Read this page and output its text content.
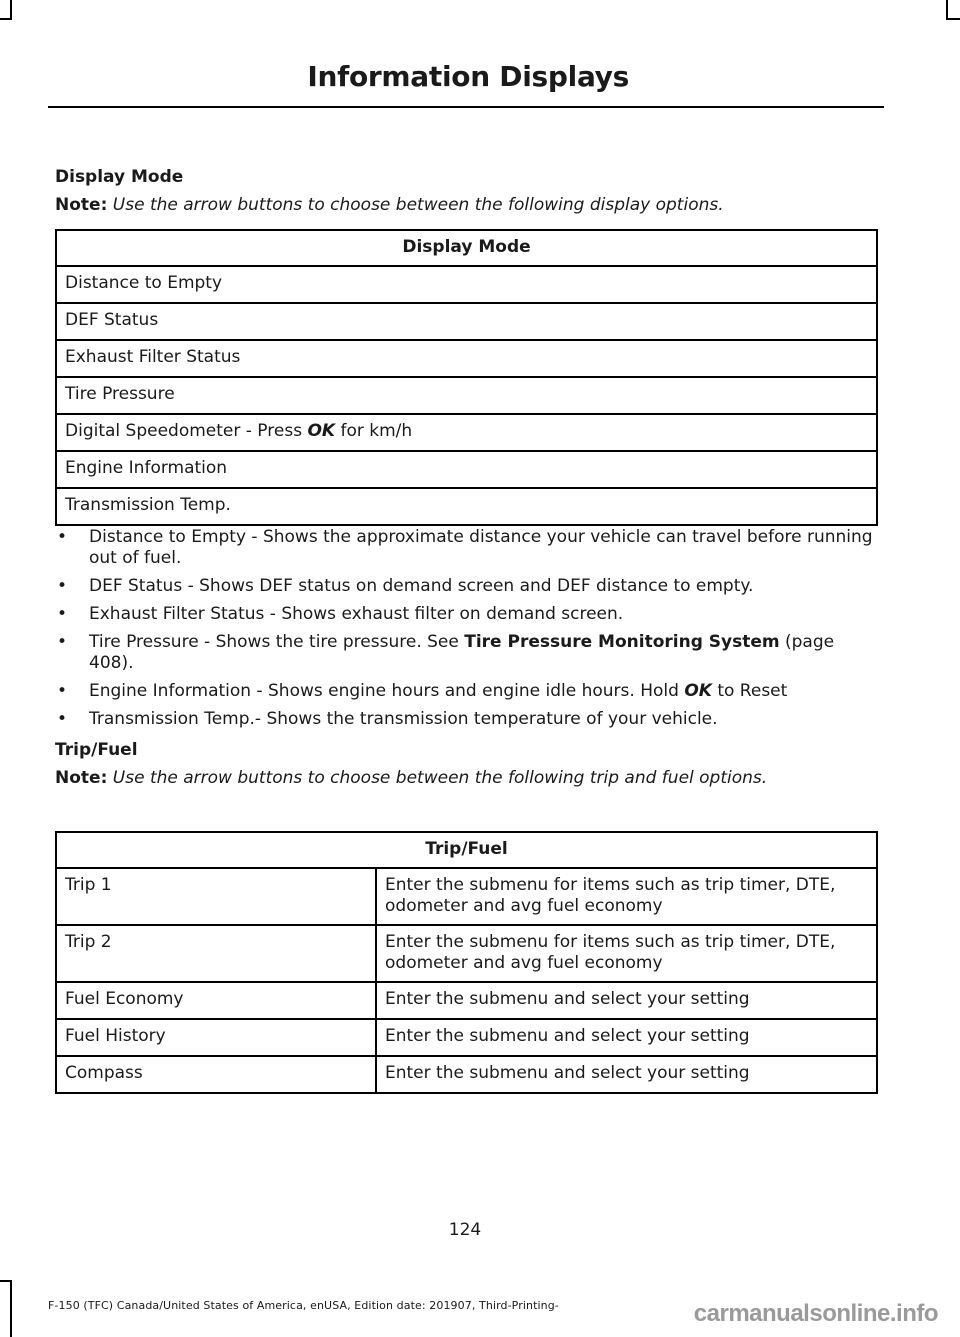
Information Displays

Display Mode

Note: Use the arrow buttons to choose between the following display options.

Display Mode
Distance to Empty
DEF Status
Exhaust Filter Status
Tire Pressure
Digital Speedometer - Press OK for km/h
Engine Information
Transmission Temp.
• Distance to Empty - Shows the approximate distance your vehicle can travel before running out of fuel.
• DEF Status - Shows DEF status on demand screen and DEF distance to empty.
• Exhaust Filter Status - Shows exhaust filter on demand screen.
• Tire Pressure - Shows the tire pressure. See Tire Pressure Monitoring System (page 408).
• Engine Information - Shows engine hours and engine idle hours. Hold OK to Reset
• Transmission Temp.- Shows the transmission temperature of your vehicle.

Trip/Fuel

Note: Use the arrow buttons to choose between the following trip and fuel options.

Trip/Fuel	
Trip 1	Enter the submenu for items such as trip timer, DTE, odometer and avg fuel economy
Trip 2	Enter the submenu for items such as trip timer, DTE, odometer and avg fuel economy
Fuel Economy	Enter the submenu and select your setting
Fuel History	Enter the submenu and select your setting
Compass	Enter the submenu and select your setting
124
F-150 (TFC) Canada/United States of America, enUSA, Edition date: 201907, Third-Printing-	carmanualsonline.info
